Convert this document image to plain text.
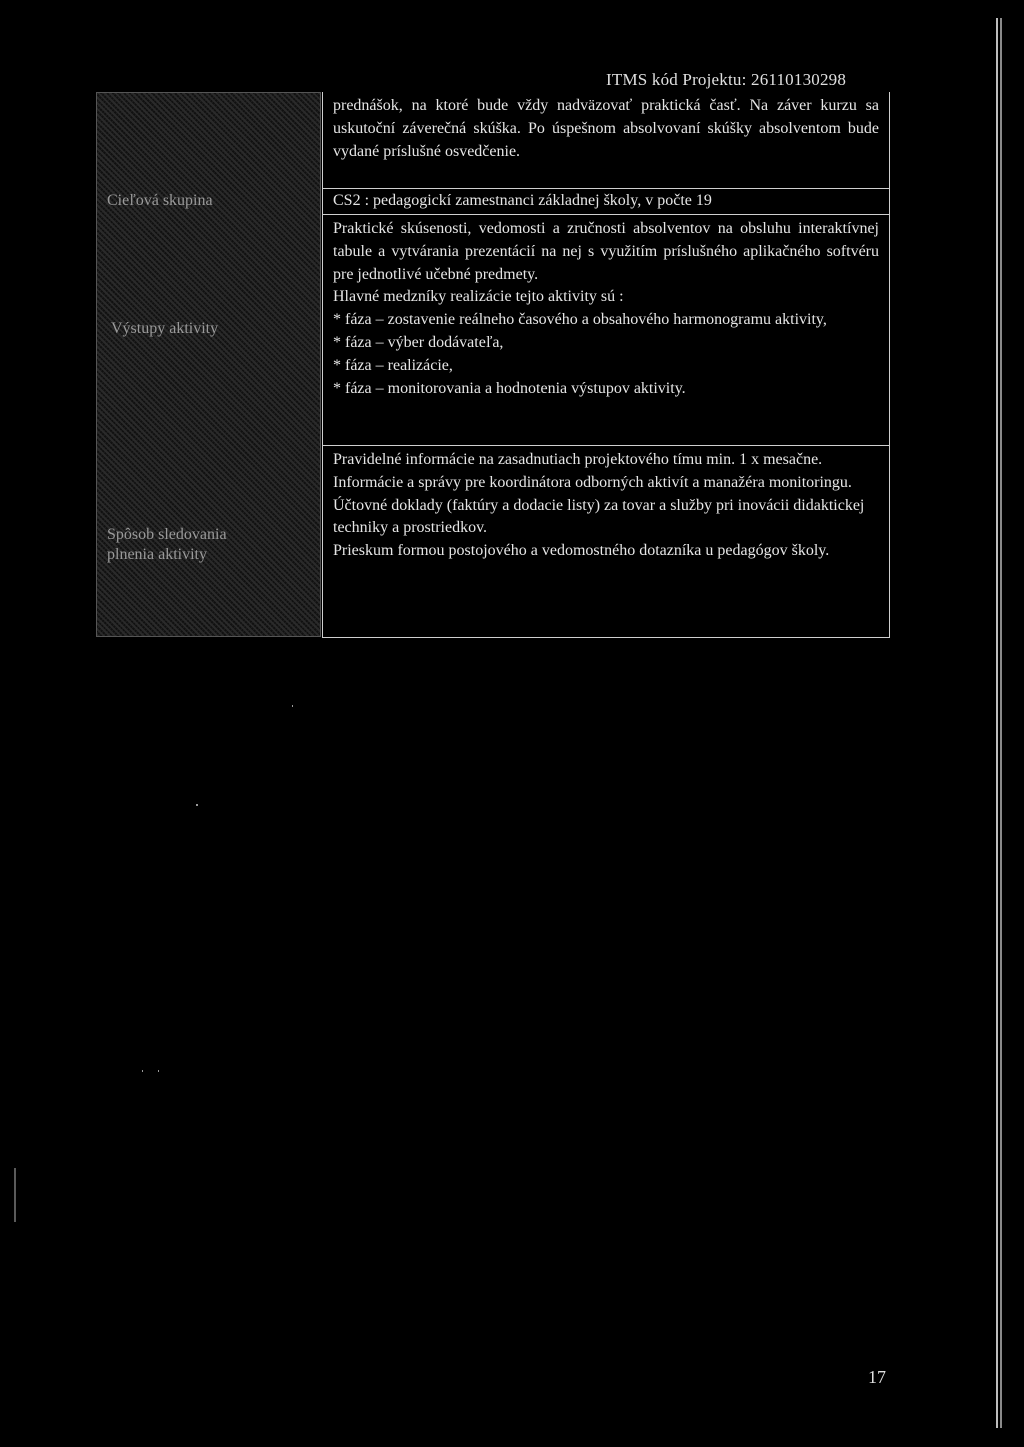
ITMS kód Projektu: 26110130298
Cieľová skupina
Výstupy aktivity
Spôsob sledovania plnenia aktivity

prednášok, na ktoré bude vždy nadväzovať praktická časť. Na záver kurzu sa uskutoční záverečná skúška. Po úspešnom absolvovaní skúšky absolventom bude vydané príslušné osvedčenie.

CS2 : pedagogickí zamestnanci základnej školy, v počte 19

Praktické skúsenosti, vedomosti a zručnosti absolventov na obsluhu interaktívnej tabule a vytvárania prezentácií na nej s využitím príslušného aplikačného softvéru pre jednotlivé učebné predmety.

Hlavné medzníky realizácie tejto aktivity sú :

* fáza – zostavenie reálneho časového a obsahového harmonogramu aktivity,

* fáza – výber dodávateľa,

* fáza – realizácie,

* fáza – monitorovania a hodnotenia výstupov aktivity.

Pravidelné informácie na zasadnutiach projektového tímu min. 1 x mesačne.

Informácie a správy pre koordinátora odborných aktivít a manažéra monitoringu.

Účtovné doklady (faktúry a dodacie listy) za tovar a služby pri inovácii didaktickej techniky a prostriedkov.

Prieskum formou postojového a vedomostného dotazníka u pedagógov školy.

17
